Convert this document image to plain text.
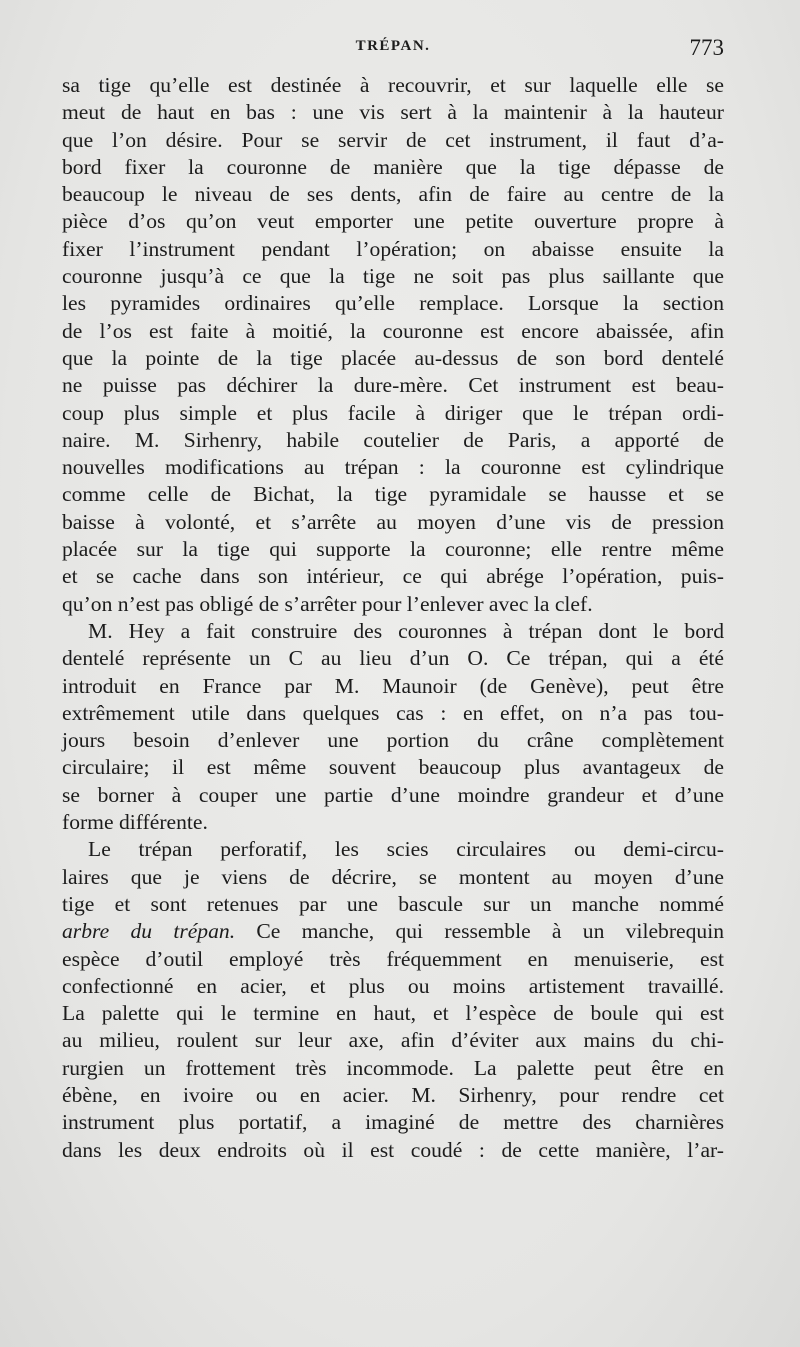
TRÉPAN.	773
sa tige qu’elle est destinée à recouvrir, et sur laquelle elle se
meut de haut en bas : une vis sert à la maintenir à la hauteur
que l’on désire. Pour se servir de cet instrument, il faut d’a-
bord fixer la couronne de manière que la tige dépasse de
beaucoup le niveau de ses dents, afin de faire au centre de la
pièce d’os qu’on veut emporter une petite ouverture propre à
fixer l’instrument pendant l’opération; on abaisse ensuite la
couronne jusqu’à ce que la tige ne soit pas plus saillante que
les pyramides ordinaires qu’elle remplace. Lorsque la section
de l’os est faite à moitié, la couronne est encore abaissée, afin
que la pointe de la tige placée au-dessus de son bord dentelé
ne puisse pas déchirer la dure-mère. Cet instrument est beau-
coup plus simple et plus facile à diriger que le trépan ordi-
naire. M. Sirhenry, habile coutelier de Paris, a apporté de
nouvelles modifications au trépan : la couronne est cylindrique
comme celle de Bichat, la tige pyramidale se hausse et se
baisse à volonté, et s’arrête au moyen d’une vis de pression
placée sur la tige qui supporte la couronne; elle rentre même
et se cache dans son intérieur, ce qui abrége l’opération, puis-
qu’on n’est pas obligé de s’arrêter pour l’enlever avec la clef.
M. Hey a fait construire des couronnes à trépan dont le bord
dentelé représente un C au lieu d’un O. Ce trépan, qui a été
introduit en France par M. Maunoir (de Genève), peut être
extrêmement utile dans quelques cas : en effet, on n’a pas tou-
jours besoin d’enlever une portion du crâne complètement
circulaire; il est même souvent beaucoup plus avantageux de
se borner à couper une partie d’une moindre grandeur et d’une
forme différente.
Le trépan perforatif, les scies circulaires ou demi-circu-
laires que je viens de décrire, se montent au moyen d’une
tige et sont retenues par une bascule sur un manche nommé
arbre du trépan. Ce manche, qui ressemble à un vilebrequin
espèce d’outil employé très fréquemment en menuiserie, est
confectionné en acier, et plus ou moins artistement travaillé.
La palette qui le termine en haut, et l’espèce de boule qui est
au milieu, roulent sur leur axe, afin d’éviter aux mains du chi-
rurgien un frottement très incommode. La palette peut être en
ébène, en ivoire ou en acier. M. Sirhenry, pour rendre cet
instrument plus portatif, a imaginé de mettre des charnières
dans les deux endroits où il est coudé : de cette manière, l’ar-
